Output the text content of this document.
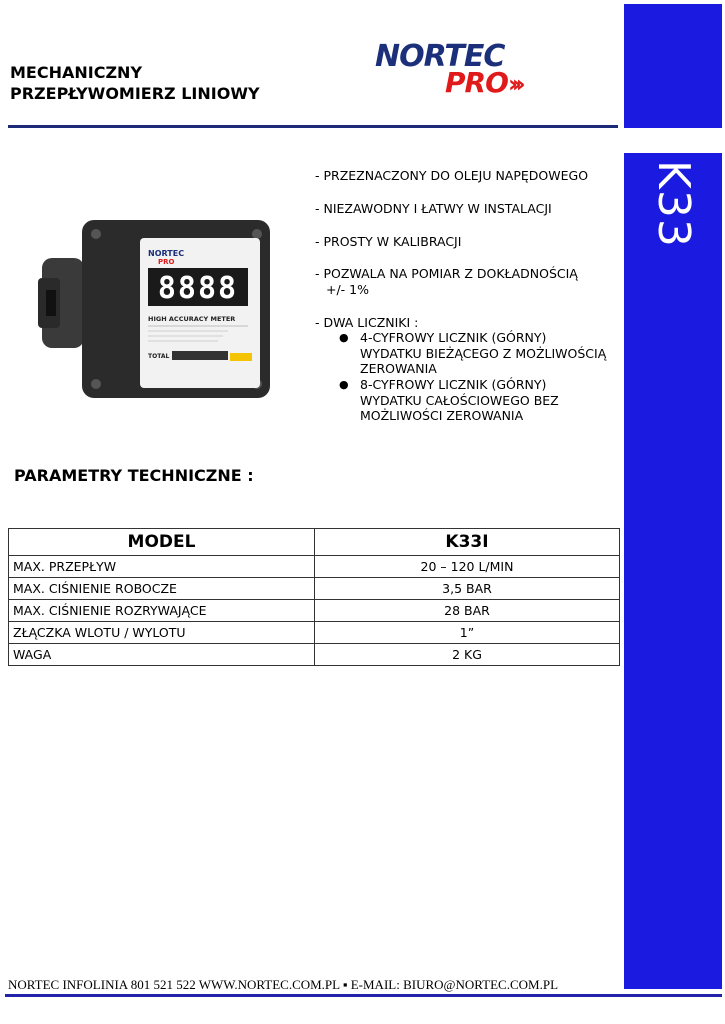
K33
MECHANICZNY
PRZEPŁYWOMIERZ LINIOWY
NORTEC
PRO ›››
NORTEC
PRO
8888
HIGH ACCURACY METER
TOTAL
- PRZEZNACZONY DO OLEJU NAPĘDOWEGO
- NIEZAWODNY I ŁATWY W INSTALACJI
- PROSTY W KALIBRACJI
- POZWALA NA POMIAR Z DOKŁADNOŚCIĄ
+/- 1%
- DWA LICZNIKI :
● 4-CYFROWY LICZNIK (GÓRNY) WYDATKU BIEŻĄCEGO Z MOŻLIWOŚCIĄ ZEROWANIA
● 8-CYFROWY LICZNIK (GÓRNY) WYDATKU CAŁOŚCIOWEGO BEZ MOŻLIWOŚCI ZEROWANIA
PARAMETRY TECHNICZNE :
MODEL	K33I
MAX. PRZEPŁYW	20 – 120 L/MIN
MAX. CIŚNIENIE ROBOCZE	3,5 BAR
MAX. CIŚNIENIE ROZRYWAJĄCE	28 BAR
ZŁĄCZKA WLOTU / WYLOTU	1”
WAGA	2 KG
NORTEC INFOLINIA 801 521 522 WWW.NORTEC.COM.PL ▪ E-MAIL: BIURO@NORTEC.COM.PL
